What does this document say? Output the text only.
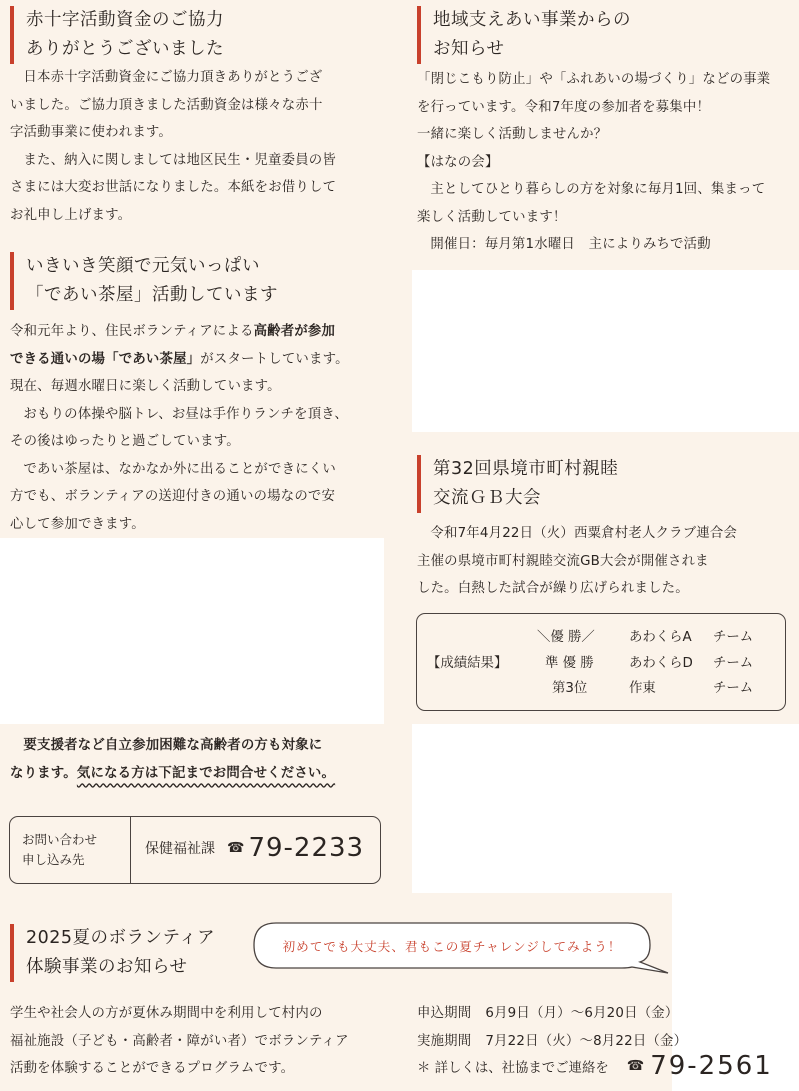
赤十字活動資金のご協力
ありがとうございました

日本赤十字活動資金にご協力頂きありがとうござ

いました。ご協力頂きました活動資金は様々な赤十

字活動事業に使われます。

また、納入に関しましては地区民生・児童委員の皆

さまには大変お世話になりました。本紙をお借りして

お礼申し上げます。

いきいき笑顔で元気いっぱい
「であい茶屋」活動しています

令和元年より、住民ボランティアによる高齢者が参加

できる通いの場「であい茶屋」がスタートしています。

現在、毎週水曜日に楽しく活動しています。

おもりの体操や脳トレ、お昼は手作りランチを頂き、

その後はゆったりと過ごしています。

であい茶屋は、なかなか外に出ることができにくい

方でも、ボランティアの送迎付きの通いの場なので安

心して参加できます。

要支援者など自立参加困難な高齢者の方も対象に

なります。気になる方は下記までお問合せください。

お問い合わせ
申し込み先
保健福祉課 ☎ 79-2233
地域支えあい事業からの
お知らせ

「閉じこもり防止」や「ふれあいの場づくり」などの事業

を行っています。令和7年度の参加者を募集中！

一緒に楽しく活動しませんか？

【はなの会】

主としてひとり暮らしの方を対象に毎月1回、集まって

楽しく活動しています！

開催日：毎月第1水曜日　主によりみちで活動

第32回県境市町村親睦
交流ＧＢ大会

令和7年4月22日（火）西粟倉村老人クラブ連合会

主催の県境市町村親睦交流GB大会が開催されま

した。白熱した試合が繰り広げられました。

【成績結果】
＼優 勝／	あわくらA チーム
準 優 勝	あわくらD チーム
第3位	作東	チーム
2025夏のボランティア
体験事業のお知らせ
初めてでも大丈夫、君もこの夏チャレンジしてみよう！

学生や社会人の方が夏休み期間中を利用して村内の

福祉施設（子ども・高齢者・障がい者）でボランティア

活動を体験することができるプログラムです。

申込期間 6月9日（月）～6月20日（金）

実施期間 7月22日（火）～8月22日（金）

＊ 詳しくは、社協までご連絡を ☎ 79-2561
